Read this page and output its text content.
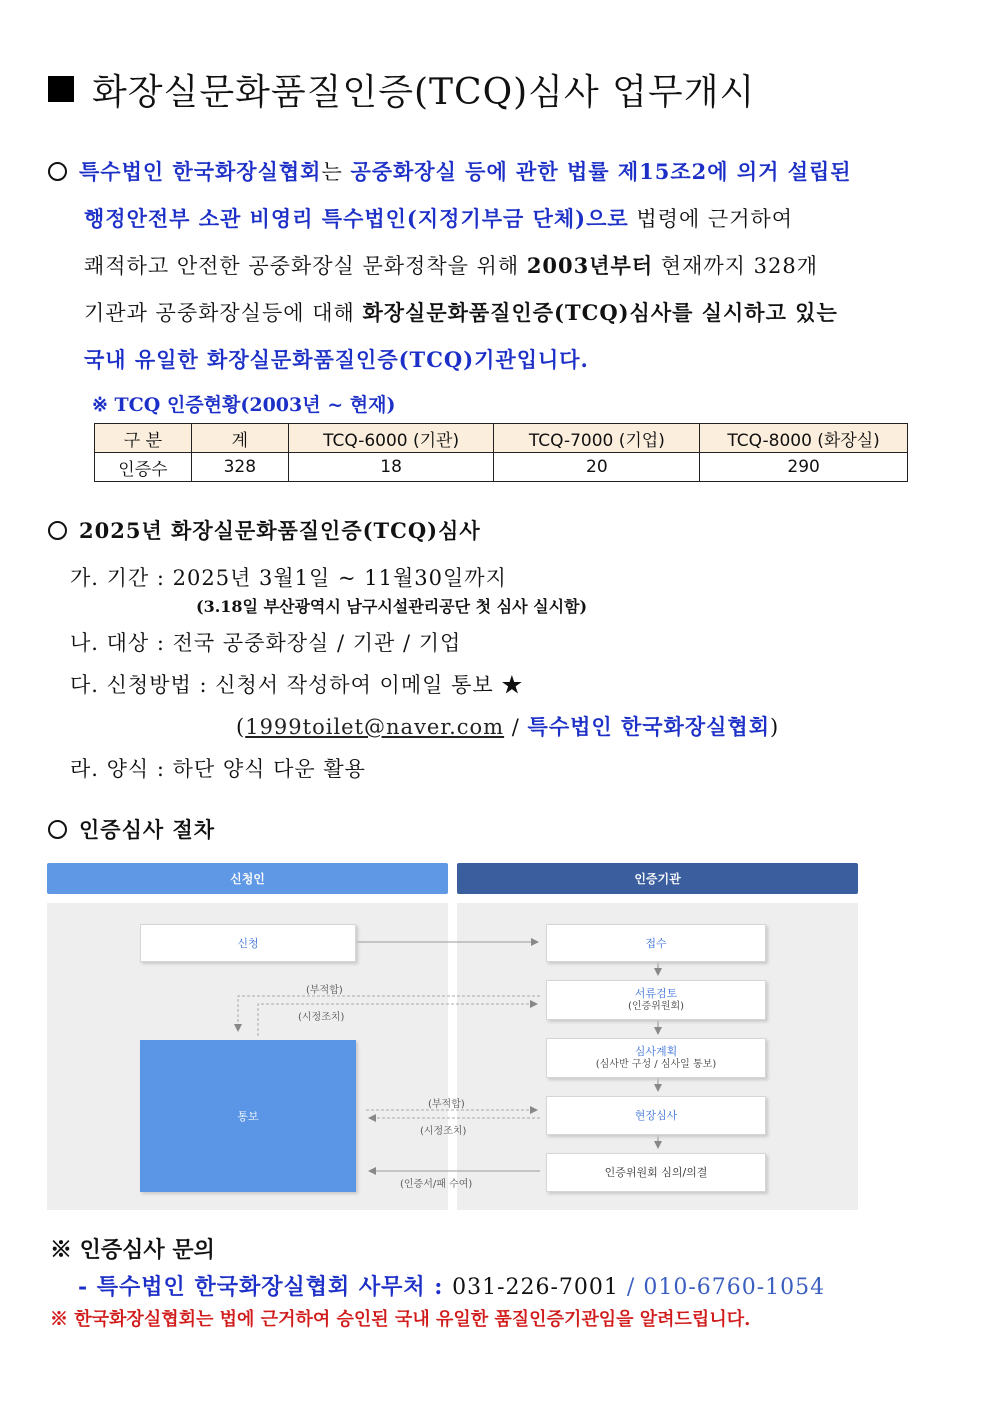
화장실문화품질인증(TCQ)심사 업무개시
특수법인 한국화장실협회는 공중화장실 등에 관한 법률 제15조2에 의거 설립된
행정안전부 소관 비영리 특수법인(지정기부금 단체)으로 법령에 근거하여
쾌적하고 안전한 공중화장실 문화정착을 위해 2003년부터 현재까지 328개
기관과 공중화장실등에 대해 화장실문화품질인증(TCQ)심사를 실시하고 있는
국내 유일한 화장실문화품질인증(TCQ)기관입니다.
※ TCQ 인증현황(2003년 ~ 현재)
구 분	계	TCQ-6000 (기관)	TCQ-7000 (기업)	TCQ-8000 (화장실)
인증수	328	18	20	290
2025년 화장실문화품질인증(TCQ)심사
가. 기간 : 2025년 3월1일 ~ 11월30일까지
(3.18일 부산광역시 남구시설관리공단 첫 심사 실시함)
나. 대상 : 전국 공중화장실 / 기관 / 기업
다. 신청방법 : 신청서 작성하여 이메일 통보 ★
(1999toilet@naver.com / 특수법인 한국화장실협회)
라. 양식 : 하단 양식 다운 활용
인증심사 절차
신청인	인증기관
신청
통보
접수
서류검토
(인증위원회)
심사계획
(심사반 구성 / 심사일 통보)
현장심사
인증위원회 심의/의결
(부적합)
(시정조치)
(부적합)
(시정조치)
(인증서/패 수여)
※ 인증심사 문의
- 특수법인 한국화장실협회 사무처 : 031-226-7001 / 010-6760-1054
※ 한국화장실협회는 법에 근거하여 승인된 국내 유일한 품질인증기관임을 알려드립니다.
